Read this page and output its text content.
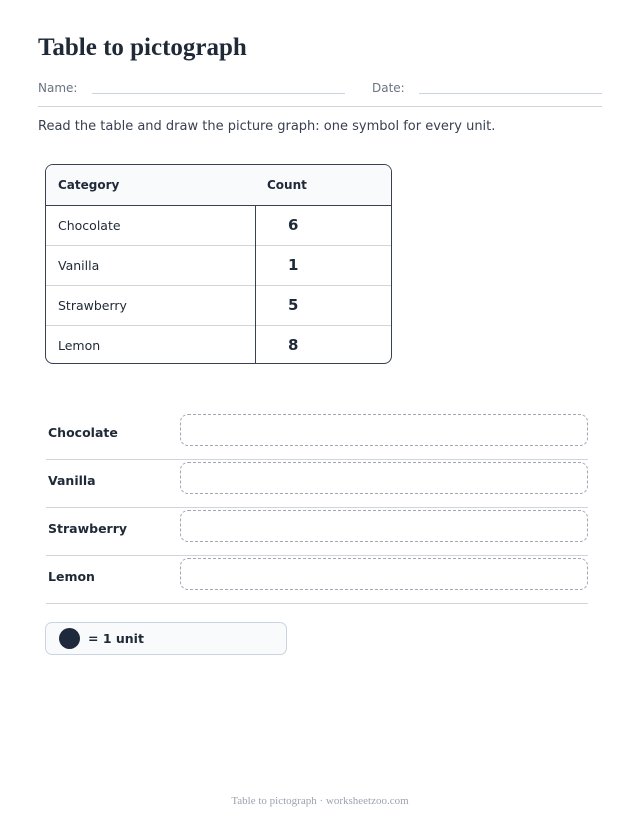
Table to pictograph
Name:	Date:

Read the table and draw the picture graph: one symbol for every unit.

Category	Count
Chocolate	6
Vanilla	1
Strawberry	5
Lemon	8
Chocolate
Vanilla
Strawberry
Lemon
= 1 unit
Table to pictograph · worksheetzoo.com
